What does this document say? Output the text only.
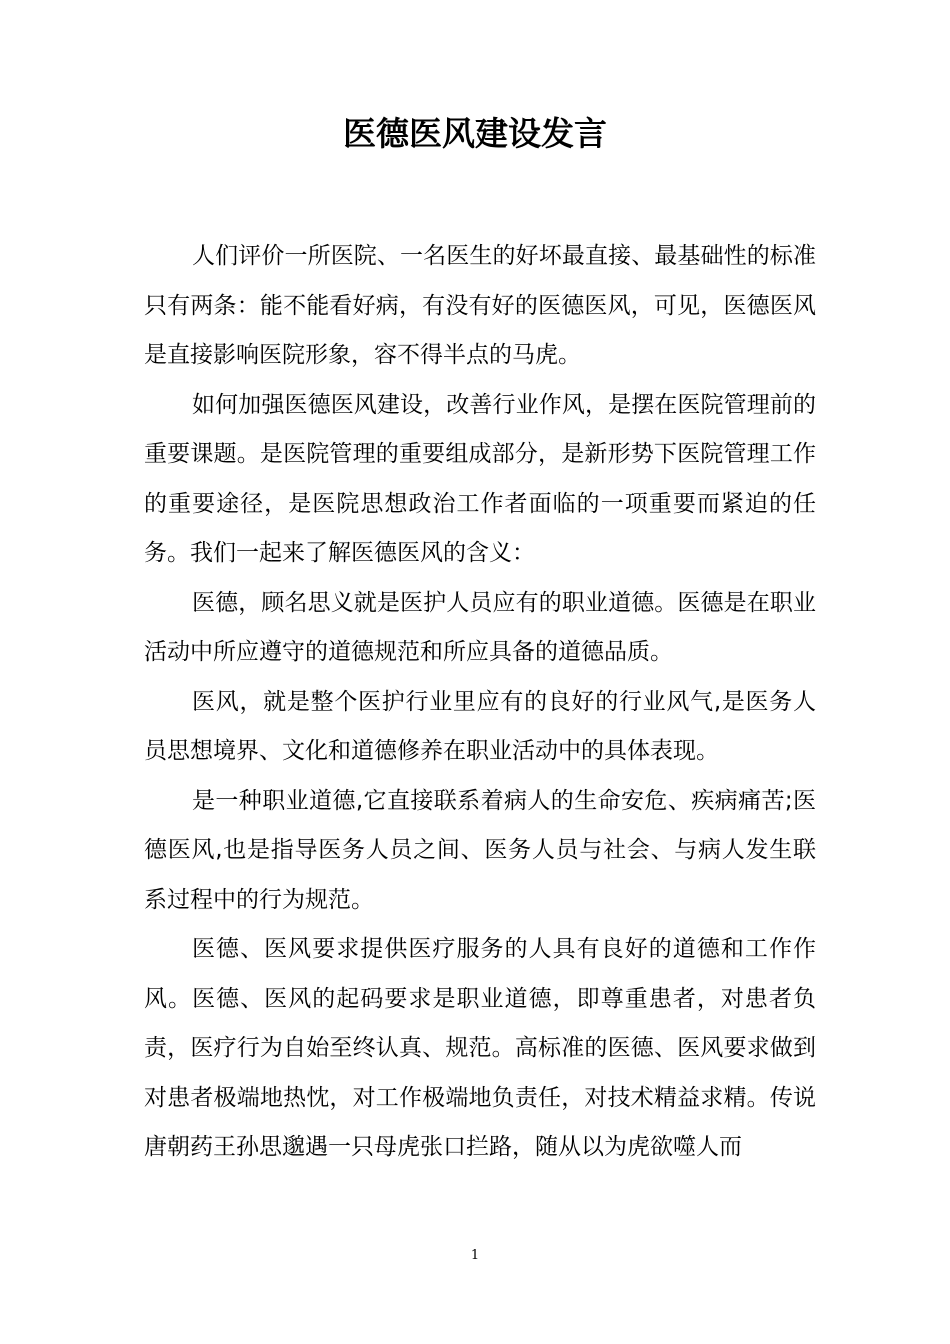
医德医风建设发言

人们评价一所医院、一名医生的好坏最直接、最基础性的标准只有两条：能不能看好病，有没有好的医德医风，可见，医德医风是直接影响医院形象，容不得半点的马虎。

如何加强医德医风建设，改善行业作风，是摆在医院管理前的重要课题。是医院管理的重要组成部分，是新形势下医院管理工作的重要途径，是医院思想政治工作者面临的一项重要而紧迫的任务。我们一起来了解医德医风的含义：

医德，顾名思义就是医护人员应有的职业道德。医德是在职业活动中所应遵守的道德规范和所应具备的道德品质。

医风，就是整个医护行业里应有的良好的行业风气,是医务人员思想境界、文化和道德修养在职业活动中的具体表现。

是一种职业道德,它直接联系着病人的生命安危、疾病痛苦;医德医风,也是指导医务人员之间、医务人员与社会、与病人发生联系过程中的行为规范。

医德、医风要求提供医疗服务的人具有良好的道德和工作作风。医德、医风的起码要求是职业道德，即尊重患者，对患者负责，医疗行为自始至终认真、规范。高标准的医德、医风要求做到对患者极端地热忱，对工作极端地负责任，对技术精益求精。传说唐朝药王孙思邈遇一只母虎张口拦路，随从以为虎欲噬人而

1
